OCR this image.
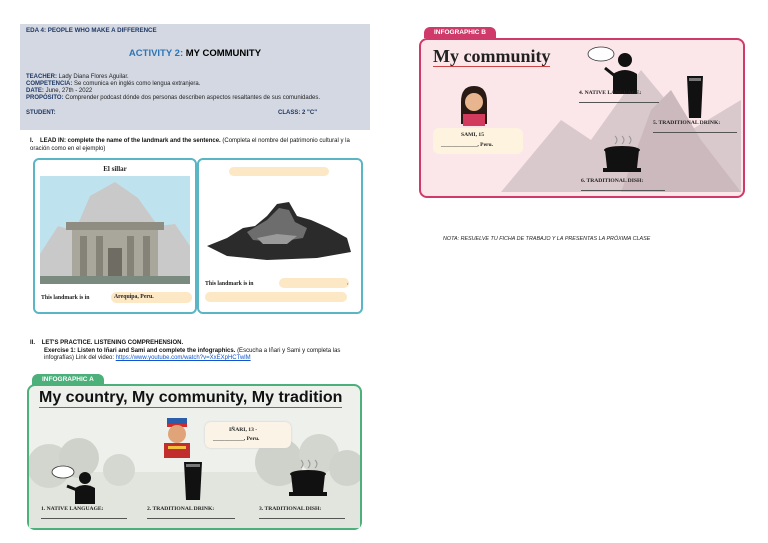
EDA 4: PEOPLE WHO MAKE A DIFFERENCE
ACTIVITY 2: MY COMMUNITY
TEACHER: Lady Diana Flores Aguilar.
COMPETENCIA: Se comunica en inglés como lengua extranjera.
DATE: June, 27th - 2022
PROPÓSITO: Comprender podcast dónde dos personas describen aspectos resaltantes de sus comunidades.
STUDENT:	CLASS: 2 "C"
I. LEAD IN: complete the name of the landmark and the sentence. (Completa el nombre del patrimonio cultural y la oración como en el ejemplo)
El sillar
This landmark is in	Arequipa, Peru.
This landmark is in	,
II. LET'S PRACTICE. LISTENING COMPREHENSION.
Exercise 1: Listen to Iñari and Sami and complete the infographics. (Escucha a Iñari y Sami y completa las infografías) Link del video: https://www.youtube.com/watch?v=XxEXpHCTwlM
INFOGRAPHIC A
My country, My community, My tradition
IÑARI, 13 -
___________, Peru.
1. NATIVE LANGUAGE:	2. TRADITIONAL DRINK:	3. TRADITIONAL DISH:
INFOGRAPHIC B
My community
SAMI, 15
_____________, Peru.
4. NATIVE LANGUAGE:
5. TRADITIONAL DRINK:
6. TRADITIONAL DISH:
NOTA: RESUELVE TU FICHA DE TRABAJO Y LA PRESENTAS LA PRÓXIMA CLASE
